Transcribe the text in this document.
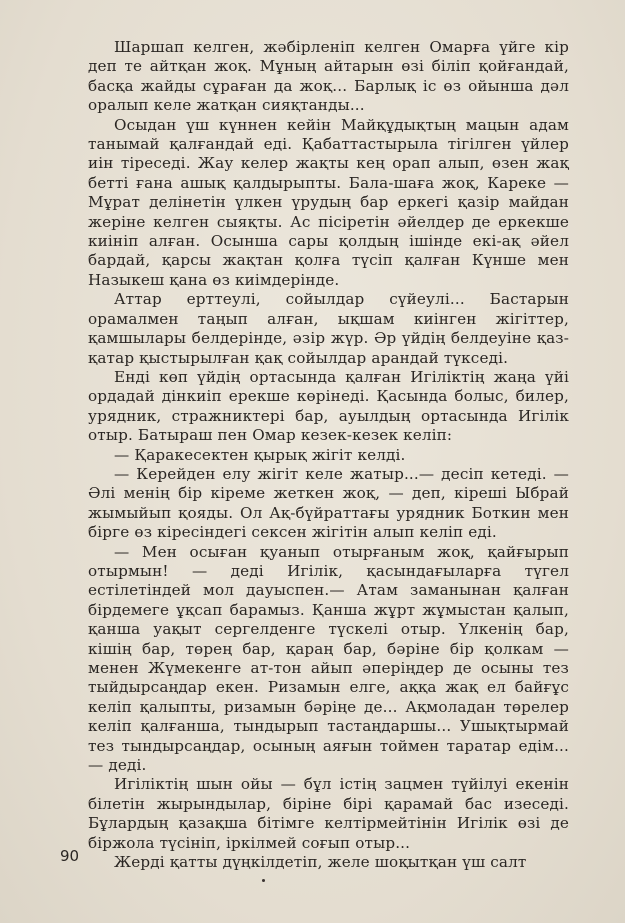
Шаршап келген, жәбірленіп келген Омарға үйге кір деп те айтқан жоқ. Мұның айтарын өзі біліп қойғандай, басқа жайды сұраған да жоқ... Барлық іс өз ойынша дәл оралып келе жатқан сияқтанды...

Осыдан үш күннен кейін Майқұдықтың мацын адам танымай қалғандай еді. Қабаттастырыла тігілген үйлер иін тіреседі. Жау келер жақты кең орап алып, өзен жақ бетті ғана ашық қалдырыпты. Бала-шаға жоқ, Кареке — Мұрат делінетін үлкен үрудың бар еркегі қазір майдан жеріне келген сыяқты. Ас пісіретін әйелдер де еркекше киініп алған. Осынша сары қолдың ішінде екі-ақ әйел бардай, қарсы жақтан қолға түсіп қалған Күнше мен Назыкеш қана өз киімдерінде.

Аттар ерттеулі, сойылдар сүйеулі... Бастарын орамалмен таңып алған, ықшам киінген жігіттер, қамшылары белдерінде, әзір жүр. Әр үйдің белдеуіне қаз-қатар қыстырылған қақ сойылдар арандай түкседі.

Енді көп үйдің ортасында қалған Игіліктің жаңа үйі ордадай дінкиіп ерекше көрінеді. Қасында болыс, билер, урядник, стражниктері бар, ауылдың ортасында Игілік отыр. Батыраш пен Омар кезек-кезек келіп:

— Қаракесектен қырық жігіт келді.

— Керейден елу жігіт келе жатыр...— десіп кетеді. — Әлі менің бір кіреме жеткен жоқ, — деп, кіреші Ыбрай жымыйып қояды. Ол Ақ-бүйраттағы урядник Боткин мен бірге өз кіресіндегі сексен жігітін алып келіп еді.

— Мен осыған қуанып отырғаным жоқ, қайғырып отырмын! — деді Игілік, қасындағыларға түгел естілетіндей мол дауыспен.— Атам заманынан қалған бірдемеге ұқсап барамыз. Қанша жұрт жұмыстан қалып, қанша уақыт сергелденге түскелі отыр. Үлкенің бар, кішің бар, төрең бар, қараң бар, бәріне бір қолкам — менен Жүмекенге ат-тон айып әперіңдер де осыны тез тыйдырсаңдар екен. Ризамын елге, аққа жақ ел байғұс келіп қалыпты, ризамын бәріңе де... Ақмоладан төрелер келіп қалғанша, тындырып тастаңдаршы... Ушықтырмай тез тындырсаңдар, осының аяғын тоймен таратар едім...— деді.

Игіліктің шын ойы — бұл істің зацмен түйілуі екенін білетін жырындылар, біріне бірі қарамай бас изеседі. Бұлардың қазақша бітімге келтірмейтінін Игілік өзі де біржола түсініп, іркілмей соғып отыр...

Жерді қатты дүңкілдетіп, желе шоқытқан үш салт

90
